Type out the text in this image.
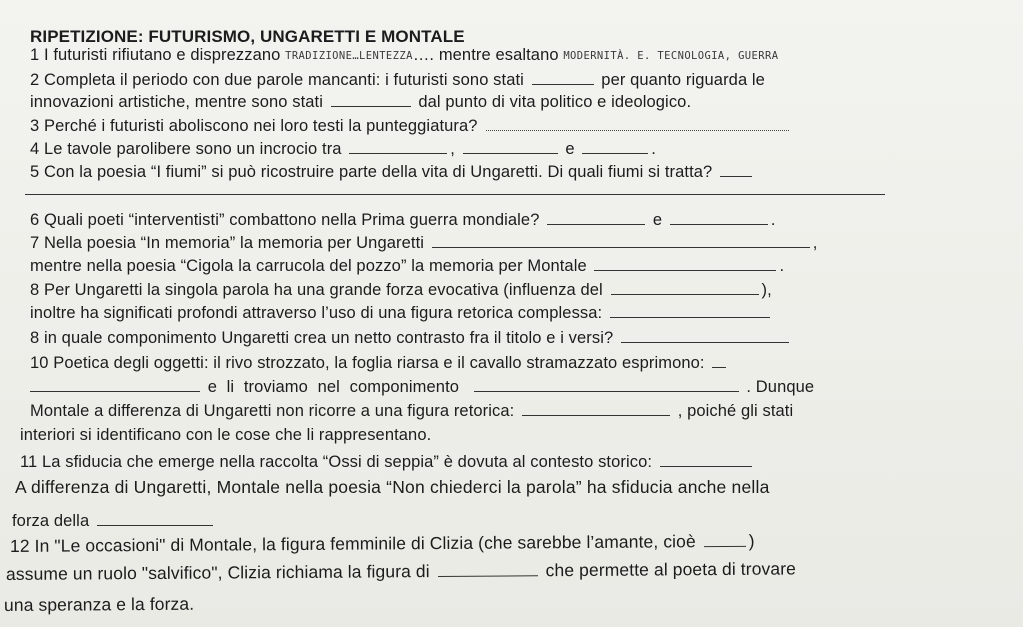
RIPETIZIONE: FUTURISMO, UNGARETTI E MONTALE
1 I futuristi rifiutano e disprezzano TRADIZIONE…LENTEZZA…. mentre esaltano MODERNITÀ. E. TECNOLOGIA, GUERRA
2 Completa il periodo con due parole mancanti: i futuristi sono stati	per quanto riguarda le
innovazioni artistiche, mentre sono stati	dal punto di vita politico e ideologico.
3 Perché i futuristi aboliscono nei loro testi la punteggiatura?
4 Le tavole parolibere sono un incrocio tra	,	e	.
5 Con la poesia “I fiumi” si può ricostruire parte della vita di Ungaretti. Di quali fiumi si tratta?
6 Quali poeti “interventisti” combattono nella Prima guerra mondiale?	e	.
7 Nella poesia “In memoria” la memoria per Ungaretti	,
mentre nella poesia “Cigola la carrucola del pozzo” la memoria per Montale	.
8 Per Ungaretti la singola parola ha una grande forza evocativa (influenza del	),
inoltre ha significati profondi attraverso l’uso di una figura retorica complessa:
8 in quale componimento Ungaretti crea un netto contrasto fra il titolo e i versi?
10 Poetica degli oggetti: il rivo strozzato, la foglia riarsa e il cavallo stramazzato esprimono:
e li troviamo nel componimento	. Dunque
Montale a differenza di Ungaretti non ricorre a una figura retorica:	, poiché gli stati
interiori si identificano con le cose che li rappresentano.
11 La sfiducia che emerge nella raccolta “Ossi di seppia” è dovuta al contesto storico:
A differenza di Ungaretti, Montale nella poesia “Non chiederci la parola” ha sfiducia anche nella
forza della
12 In "Le occasioni" di Montale, la figura femminile di Clizia (che sarebbe l’amante, cioè	)
assume un ruolo "salvifico", Clizia richiama la figura di	che permette al poeta di trovare
una speranza e la forza.
